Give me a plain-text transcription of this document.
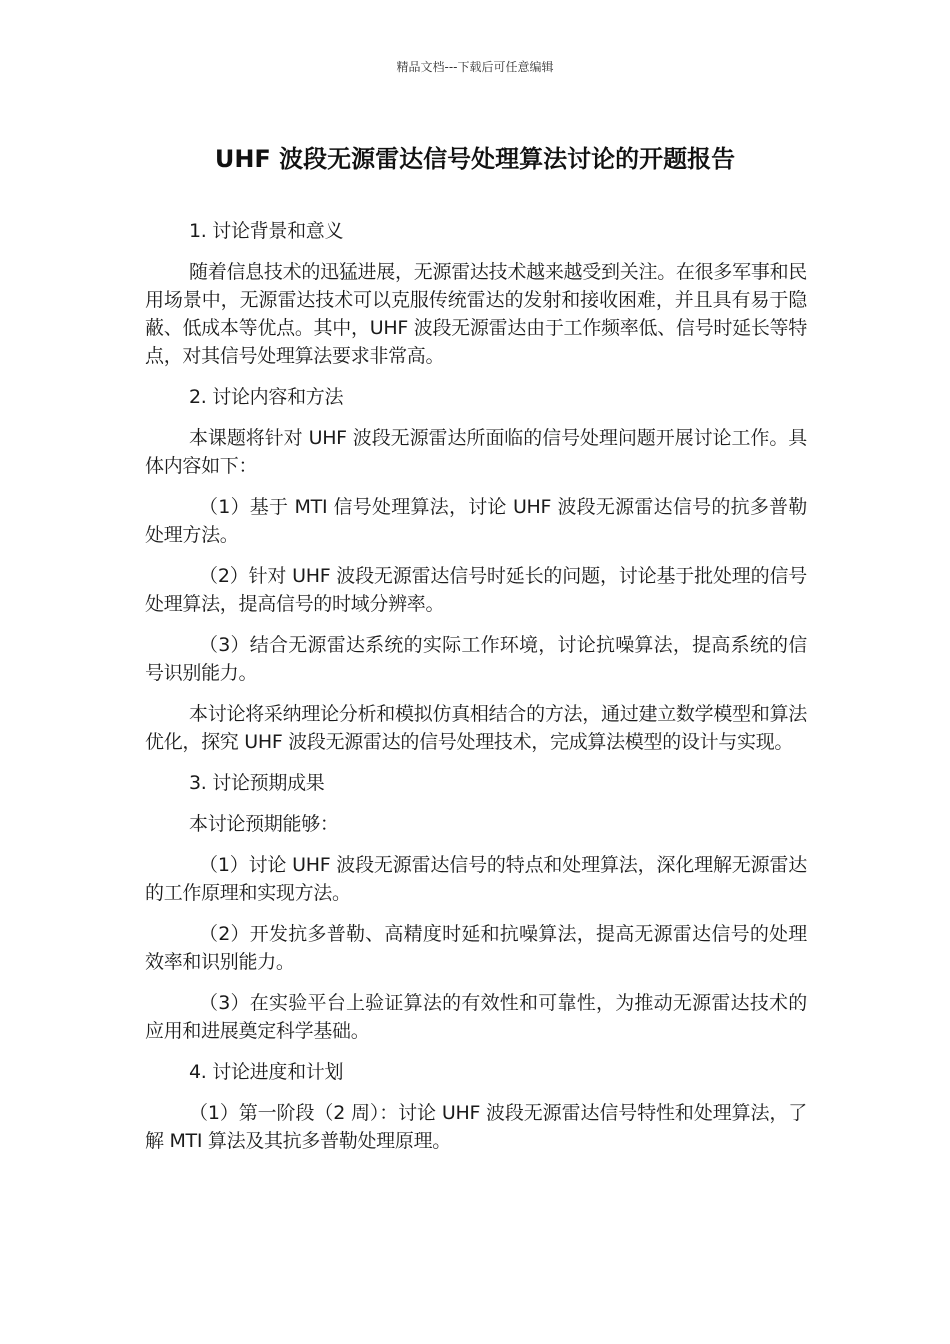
精品文档---下载后可任意编辑
UHF 波段无源雷达信号处理算法讨论的开题报告

1. 讨论背景和意义

随着信息技术的迅猛进展，无源雷达技术越来越受到关注。在很多军事和民用场景中，无源雷达技术可以克服传统雷达的发射和接收困难，并且具有易于隐蔽、低成本等优点。其中，UHF 波段无源雷达由于工作频率低、信号时延长等特点，对其信号处理算法要求非常高。

2. 讨论内容和方法

本课题将针对 UHF 波段无源雷达所面临的信号处理问题开展讨论工作。具体内容如下：

（1）基于 MTI 信号处理算法，讨论 UHF 波段无源雷达信号的抗多普勒处理方法。

（2）针对 UHF 波段无源雷达信号时延长的问题，讨论基于批处理的信号处理算法，提高信号的时域分辨率。

（3）结合无源雷达系统的实际工作环境，讨论抗噪算法，提高系统的信号识别能力。

本讨论将采纳理论分析和模拟仿真相结合的方法，通过建立数学模型和算法优化，探究 UHF 波段无源雷达的信号处理技术，完成算法模型的设计与实现。

3. 讨论预期成果

本讨论预期能够：

（1）讨论 UHF 波段无源雷达信号的特点和处理算法，深化理解无源雷达的工作原理和实现方法。

（2）开发抗多普勒、高精度时延和抗噪算法，提高无源雷达信号的处理效率和识别能力。

（3）在实验平台上验证算法的有效性和可靠性，为推动无源雷达技术的应用和进展奠定科学基础。

4. 讨论进度和计划

（1）第一阶段（2 周）：讨论 UHF 波段无源雷达信号特性和处理算法，了解 MTI 算法及其抗多普勒处理原理。
